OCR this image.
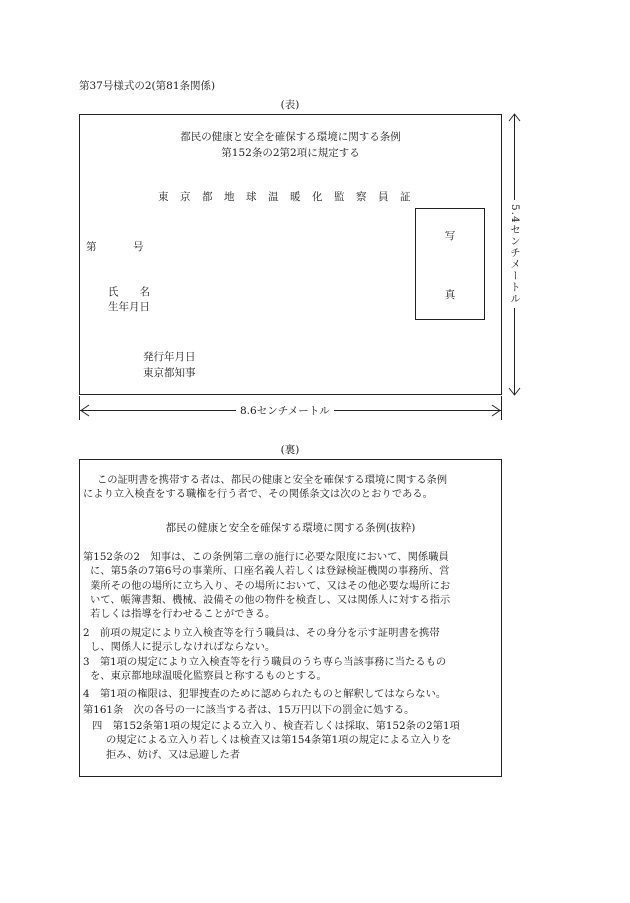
第37号様式の2(第81条関係)
(表)
都民の健康と安全を確保する環境に関する条例
第152条の2第2項に規定する
東　京　都　地　球　温　暖　化　監　察　員　証
第	号
氏　　名
生年月日
写
真
発行年月日
東京都知事
5.4センチメートル
8.6センチメートル
(裏)
この証明書を携帯する者は、都民の健康と安全を確保する環境に関する条例
により立入検査をする職権を行う者で、その関係条文は次のとおりである。
都民の健康と安全を確保する環境に関する条例(抜粋)
第152条の2　知事は、この条例第二章の施行に必要な限度において、関係職員
に、第5条の7第6号の事業所、口座名義人若しくは登録検証機関の事務所、営
業所その他の場所に立ち入り、その場所において、又はその他必要な場所にお
いて、帳簿書類、機械、設備その他の物件を検査し、又は関係人に対する指示
若しくは指導を行わせることができる。
2　前項の規定により立入検査等を行う職員は、その身分を示す証明書を携帯
し、関係人に提示しなければならない。
3　第1項の規定により立入検査等を行う職員のうち専ら当該事務に当たるもの
を、東京都地球温暖化監察員と称するものとする。
4　第1項の権限は、犯罪捜査のために認められたものと解釈してはならない。
第161条　次の各号の一に該当する者は、15万円以下の罰金に処する。
四　第152条第1項の規定による立入り、検査若しくは採取、第152条の2第1項
の規定による立入り若しくは検査又は第154条第1項の規定による立入りを
拒み、妨げ、又は忌避した者
